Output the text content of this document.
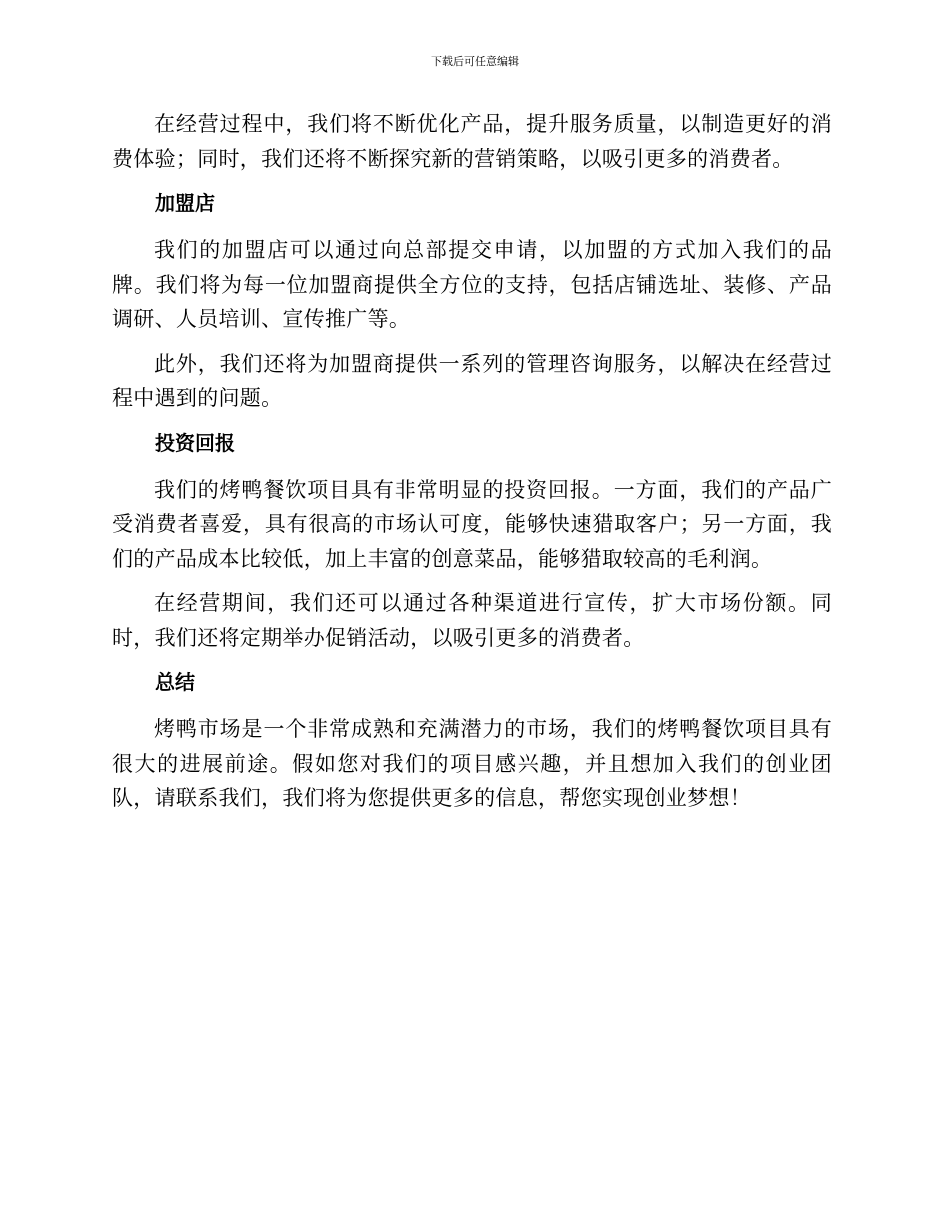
下载后可任意编辑

在经营过程中，我们将不断优化产品，提升服务质量，以制造更好的消费体验；同时，我们还将不断探究新的营销策略，以吸引更多的消费者。

加盟店

我们的加盟店可以通过向总部提交申请，以加盟的方式加入我们的品牌。我们将为每一位加盟商提供全方位的支持，包括店铺选址、装修、产品调研、人员培训、宣传推广等。

此外，我们还将为加盟商提供一系列的管理咨询服务，以解决在经营过程中遇到的问题。

投资回报

我们的烤鸭餐饮项目具有非常明显的投资回报。一方面，我们的产品广受消费者喜爱，具有很高的市场认可度，能够快速猎取客户；另一方面，我们的产品成本比较低，加上丰富的创意菜品，能够猎取较高的毛利润。

在经营期间，我们还可以通过各种渠道进行宣传，扩大市场份额。同时，我们还将定期举办促销活动，以吸引更多的消费者。

总结

烤鸭市场是一个非常成熟和充满潜力的市场，我们的烤鸭餐饮项目具有很大的进展前途。假如您对我们的项目感兴趣，并且想加入我们的创业团队，请联系我们，我们将为您提供更多的信息，帮您实现创业梦想！
